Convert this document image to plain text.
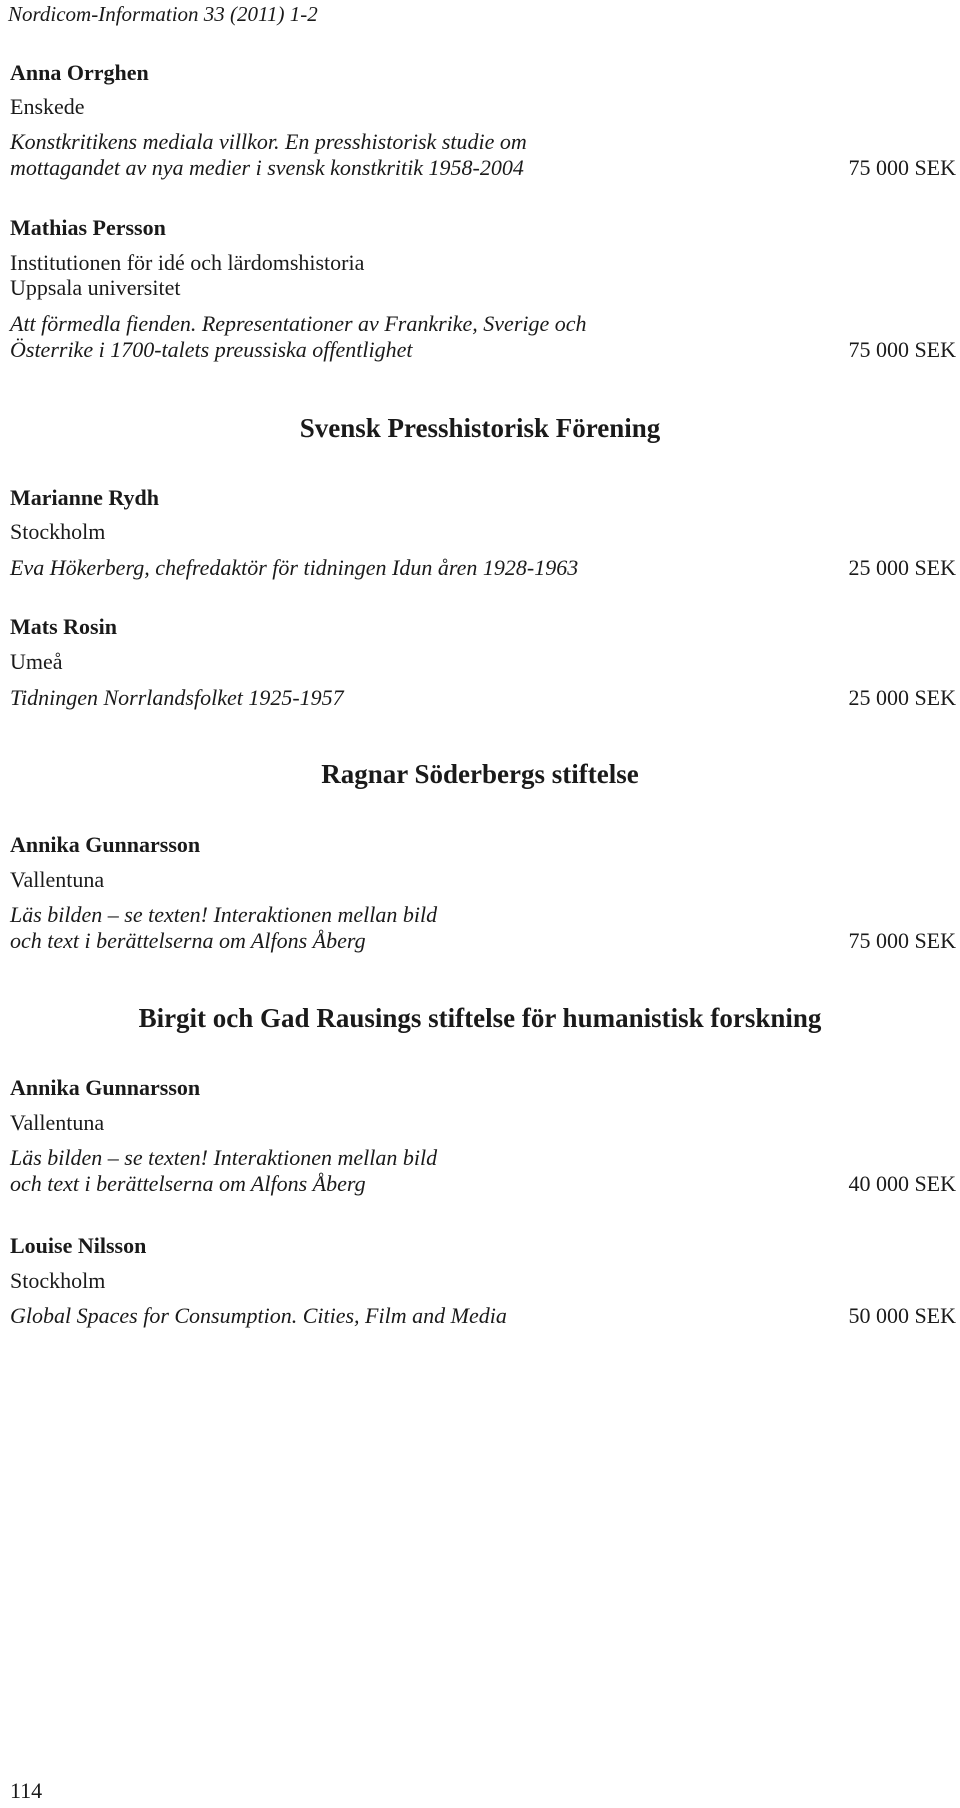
Nordicom-Information 33 (2011) 1-2
Anna Orrghen
Enskede
Konstkritikens mediala villkor. En presshistorisk studie om
mottagandet av nya medier i svensk konstkritik 1958-2004	75 000 SEK
Mathias Persson
Institutionen för idé och lärdomshistoria
Uppsala universitet
Att förmedla fienden. Representationer av Frankrike, Sverige och
Österrike i 1700-talets preussiska offentlighet	75 000 SEK
Svensk Presshistorisk Förening
Marianne Rydh
Stockholm
Eva Hökerberg, chefredaktör för tidningen Idun åren 1928-1963	25 000 SEK
Mats Rosin
Umeå
Tidningen Norrlandsfolket 1925-1957	25 000 SEK
Ragnar Söderbergs stiftelse
Annika Gunnarsson
Vallentuna
Läs bilden – se texten! Interaktionen mellan bild
och text i berättelserna om Alfons Åberg	75 000 SEK
Birgit och Gad Rausings stiftelse för humanistisk forskning
Annika Gunnarsson
Vallentuna
Läs bilden – se texten! Interaktionen mellan bild
och text i berättelserna om Alfons Åberg	40 000 SEK
Louise Nilsson
Stockholm
Global Spaces for Consumption. Cities, Film and Media	50 000 SEK
114
